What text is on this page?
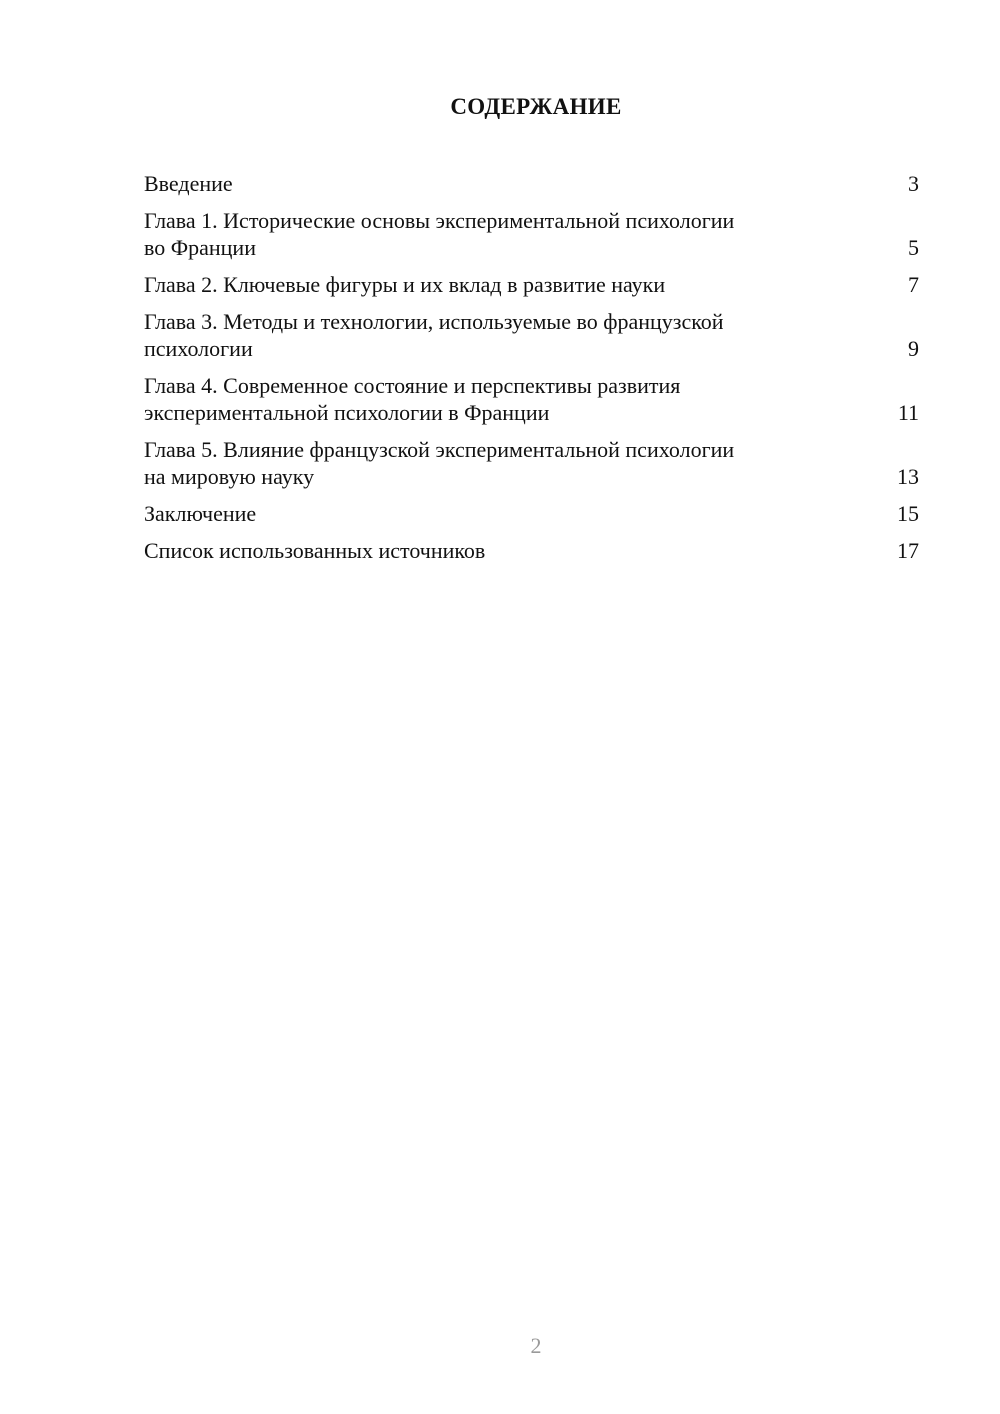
СОДЕРЖАНИЕ
Введение	3
Глава 1. Исторические основы экспериментальной психологии
во Франции	5
Глава 2. Ключевые фигуры и их вклад в развитие науки	7
Глава 3. Методы и технологии, используемые во французской
психологии	9
Глава 4. Современное состояние и перспективы развития
экспериментальной психологии в Франции	11
Глава 5. Влияние французской экспериментальной психологии
на мировую науку	13
Заключение	15
Список использованных источников	17
2
